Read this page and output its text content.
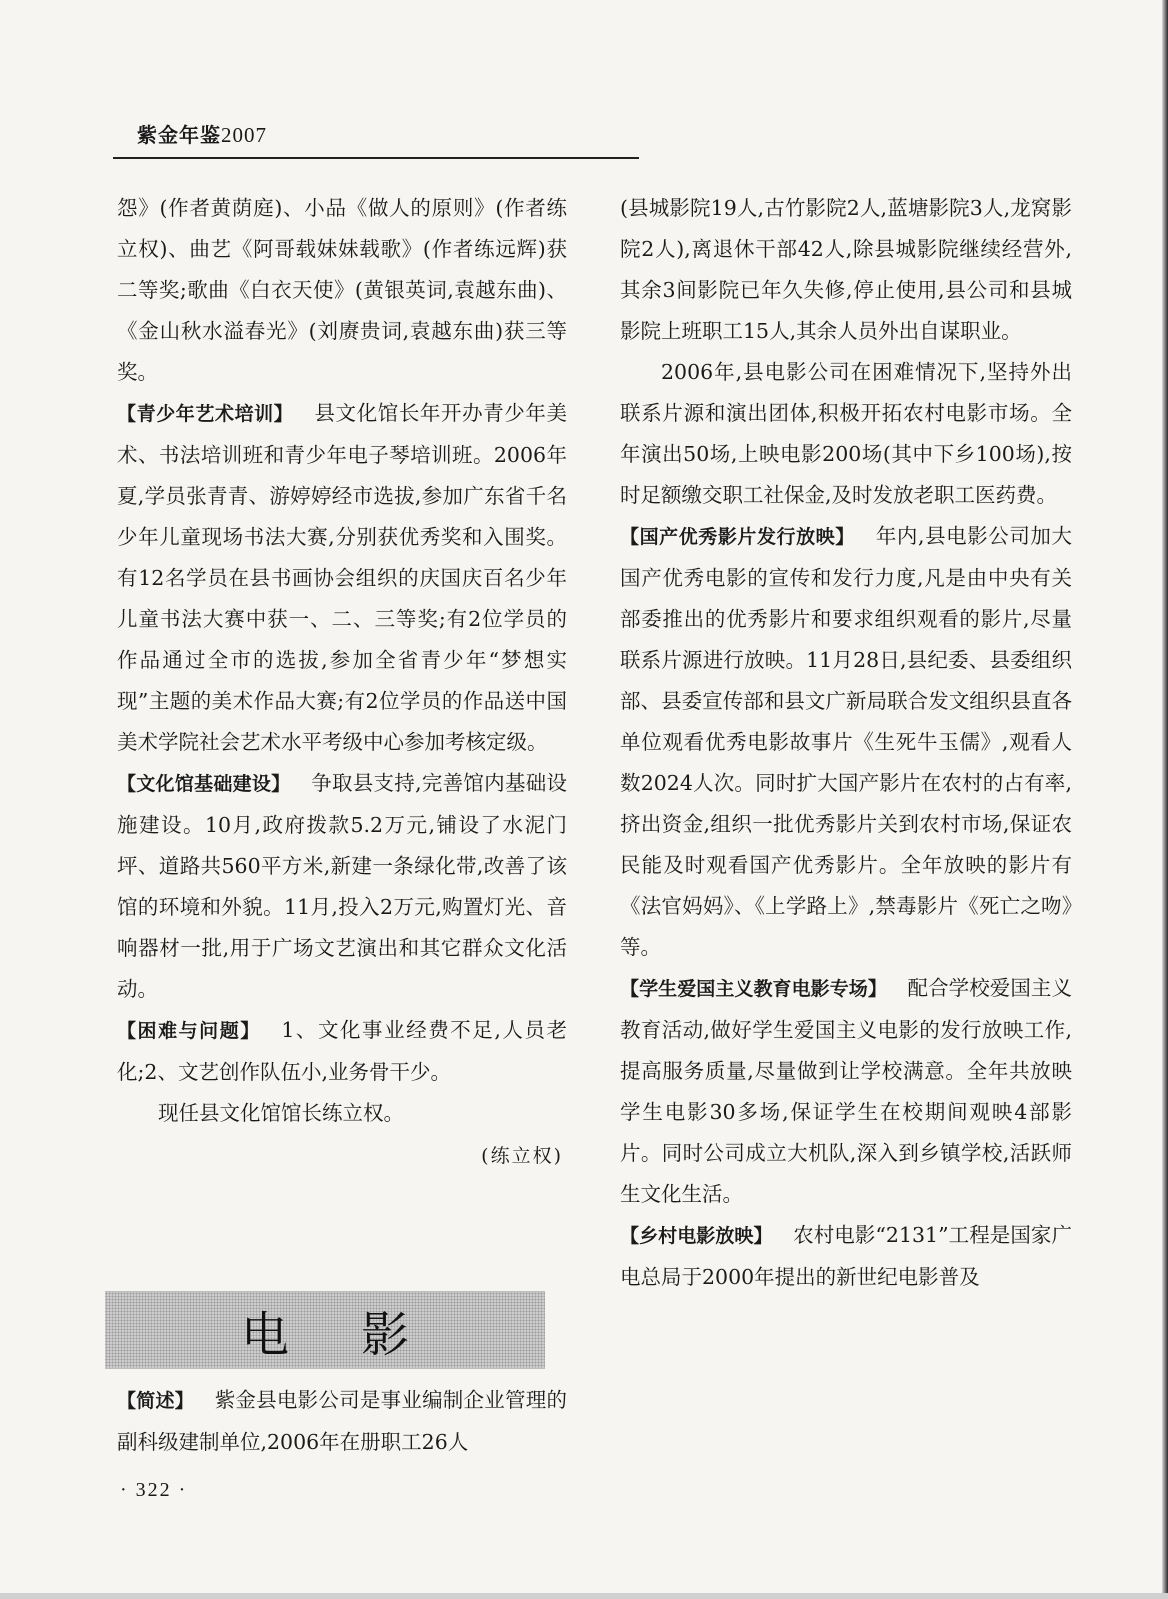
紫金年鉴2007

怨》(作者黄荫庭)、小品《做人的原则》(作者练立权)、曲艺《阿哥载妹妹载歌》(作者练远辉)获二等奖;歌曲《白衣天使》(黄银英词,袁越东曲)、《金山秋水溢春光》(刘赓贵词,袁越东曲)获三等奖。

【青少年艺术培训】 县文化馆长年开办青少年美术、书法培训班和青少年电子琴培训班。2006年夏,学员张青青、游婷婷经市选拔,参加广东省千名少年儿童现场书法大赛,分别获优秀奖和入围奖。有12名学员在县书画协会组织的庆国庆百名少年儿童书法大赛中获一、二、三等奖;有2位学员的作品通过全市的选拔,参加全省青少年“梦想实现”主题的美术作品大赛;有2位学员的作品送中国美术学院社会艺术水平考级中心参加考核定级。

【文化馆基础建设】 争取县支持,完善馆内基础设施建设。10月,政府拨款5.2万元,铺设了水泥门坪、道路共560平方米,新建一条绿化带,改善了该馆的环境和外貌。11月,投入2万元,购置灯光、音响器材一批,用于广场文艺演出和其它群众文化活动。

【困难与问题】 1、文化事业经费不足,人员老化;2、文艺创作队伍小,业务骨干少。

现任县文化馆馆长练立权。

(练立权)

电影

【简述】 紫金县电影公司是事业编制企业管理的副科级建制单位,2006年在册职工26人

(县城影院19人,古竹影院2人,蓝塘影院3人,龙窝影院2人),离退休干部42人,除县城影院继续经营外,其余3间影院已年久失修,停止使用,县公司和县城影院上班职工15人,其余人员外出自谋职业。

2006年,县电影公司在困难情况下,坚持外出联系片源和演出团体,积极开拓农村电影市场。全年演出50场,上映电影200场(其中下乡100场),按时足额缴交职工社保金,及时发放老职工医药费。

【国产优秀影片发行放映】 年内,县电影公司加大国产优秀电影的宣传和发行力度,凡是由中央有关部委推出的优秀影片和要求组织观看的影片,尽量联系片源进行放映。11月28日,县纪委、县委组织部、县委宣传部和县文广新局联合发文组织县直各单位观看优秀电影故事片《生死牛玉儒》,观看人数2024人次。同时扩大国产影片在农村的占有率,挤出资金,组织一批优秀影片关到农村市场,保证农民能及时观看国产优秀影片。全年放映的影片有《法官妈妈》、《上学路上》,禁毒影片《死亡之吻》等。

【学生爱国主义教育电影专场】 配合学校爱国主义教育活动,做好学生爱国主义电影的发行放映工作,提高服务质量,尽量做到让学校满意。全年共放映学生电影30多场,保证学生在校期间观映4部影片。同时公司成立大机队,深入到乡镇学校,活跃师生文化生活。

【乡村电影放映】 农村电影“2131”工程是国家广电总局于2000年提出的新世纪电影普及

· 322 ·
